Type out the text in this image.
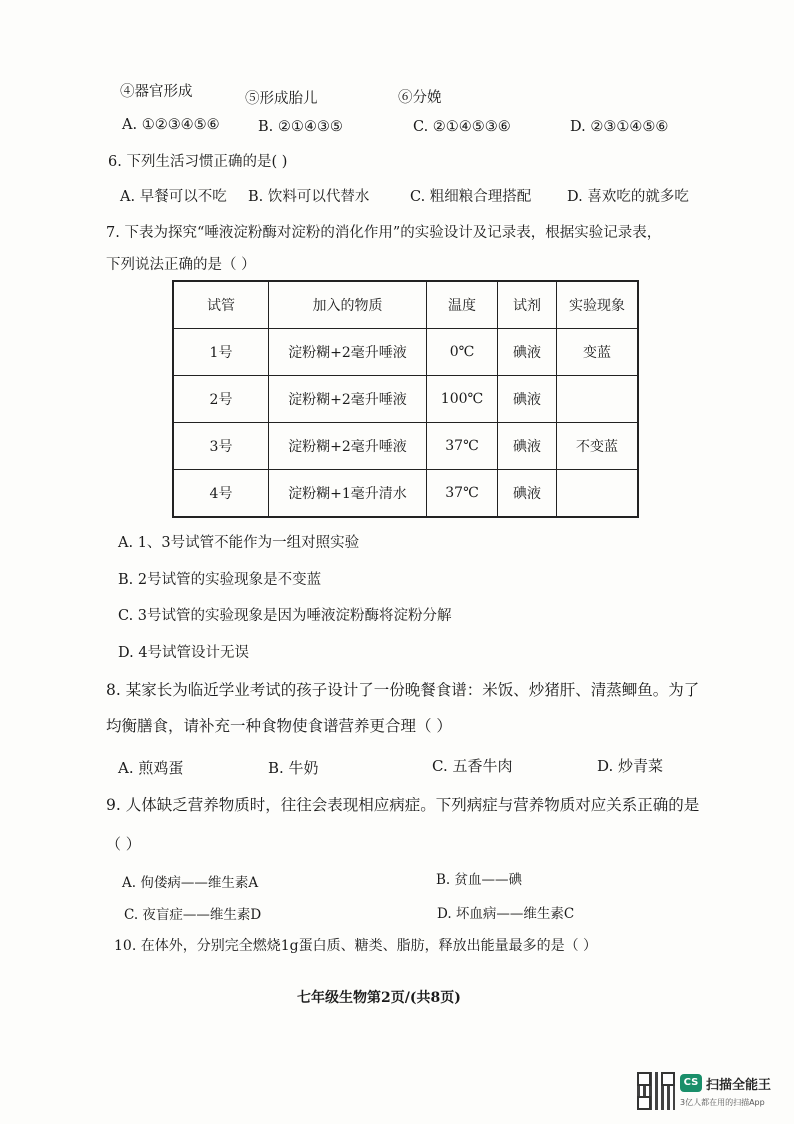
④器官形成	⑤形成胎儿	⑥分娩
A. ①②③④⑤⑥	B. ②①④③⑤	C. ②①④⑤③⑥	D. ②③①④⑤⑥
6. 下列生活习惯正确的是( )
A. 早餐可以不吃 B. 饮料可以代替水	C. 粗细粮合理搭配 D. 喜欢吃的就多吃
7. 下表为探究“唾液淀粉酶对淀粉的消化作用”的实验设计及记录表，根据实验记录表，
下列说法正确的是（ ）
试管	加入的物质	温度	试剂	实验现象
1号	淀粉糊+2毫升唾液	0℃	碘液	变蓝
2号	淀粉糊+2毫升唾液	100℃	碘液	
3号	淀粉糊+2毫升唾液	37℃	碘液	不变蓝
4号	淀粉糊+1毫升清水	37℃	碘液	
A. 1、3号试管不能作为一组对照实验
B. 2号试管的实验现象是不变蓝
C. 3号试管的实验现象是因为唾液淀粉酶将淀粉分解
D. 4号试管设计无误
8. 某家长为临近学业考试的孩子设计了一份晚餐食谱：米饭、炒猪肝、清蒸鲫鱼。为了
均衡膳食，请补充一种食物使食谱营养更合理（ ）
A. 煎鸡蛋	B. 牛奶	C. 五香牛肉	D. 炒青菜
9. 人体缺乏营养物质时，往往会表现相应病症。下列病症与营养物质对应关系正确的是
（ ）
A. 佝偻病——维生素A	B. 贫血——碘
C. 夜盲症——维生素D	D. 坏血病——维生素C
10. 在体外，分别完全燃烧1g蛋白质、糖类、脂肪，释放出能量最多的是（ ）
七年级生物第2页/(共8页)
CS 扫描全能王
3亿人都在用的扫描App
